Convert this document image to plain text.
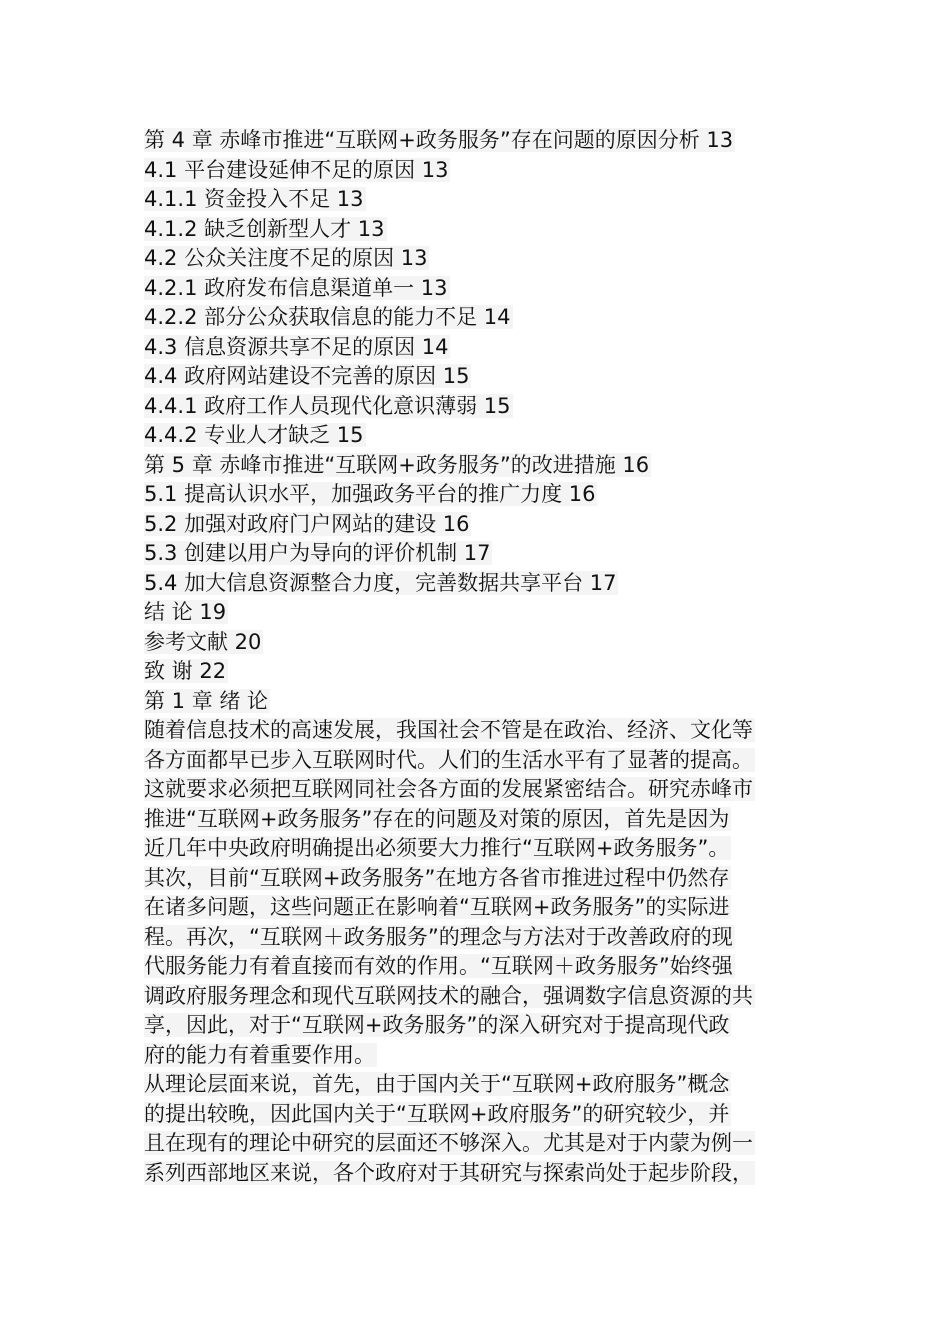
第 4 章 赤峰市推进“互联网+政务服务”存在问题的原因分析 13
4.1 平台建设延伸不足的原因 13
4.1.1 资金投入不足 13
4.1.2 缺乏创新型人才 13
4.2 公众关注度不足的原因 13
4.2.1 政府发布信息渠道单一 13
4.2.2 部分公众获取信息的能力不足 14
4.3 信息资源共享不足的原因 14
4.4 政府网站建设不完善的原因 15
4.4.1 政府工作人员现代化意识薄弱 15
4.4.2 专业人才缺乏 15
第 5 章 赤峰市推进“互联网+政务服务”的改进措施 16
5.1 提高认识水平，加强政务平台的推广力度 16
5.2 加强对政府门户网站的建设 16
5.3 创建以用户为导向的评价机制 17
5.4 加大信息资源整合力度，完善数据共享平台 17
结 论 19
参考文献 20
致 谢 22
第 1 章 绪 论
随着信息技术的高速发展，我国社会不管是在政治、经济、文化等
各方面都早已步入互联网时代。人们的生活水平有了显著的提高。
这就要求必须把互联网同社会各方面的发展紧密结合。研究赤峰市
推进“互联网+政务服务”存在的问题及对策的原因，首先是因为
近几年中央政府明确提出必须要大力推行“互联网+政务服务”。
其次，目前“互联网+政务服务”在地方各省市推进过程中仍然存
在诸多问题，这些问题正在影响着“互联网+政务服务”的实际进
程。再次，“互联网＋政务服务”的理念与方法对于改善政府的现
代服务能力有着直接而有效的作用。“互联网＋政务服务”始终强
调政府服务理念和现代互联网技术的融合，强调数字信息资源的共
享，因此，对于“互联网+政务服务”的深入研究对于提高现代政
府的能力有着重要作用。
从理论层面来说，首先，由于国内关于“互联网+政府服务”概念
的提出较晚，因此国内关于“互联网+政府服务”的研究较少，并
且在现有的理论中研究的层面还不够深入。尤其是对于内蒙为例一
系列西部地区来说，各个政府对于其研究与探索尚处于起步阶段，
